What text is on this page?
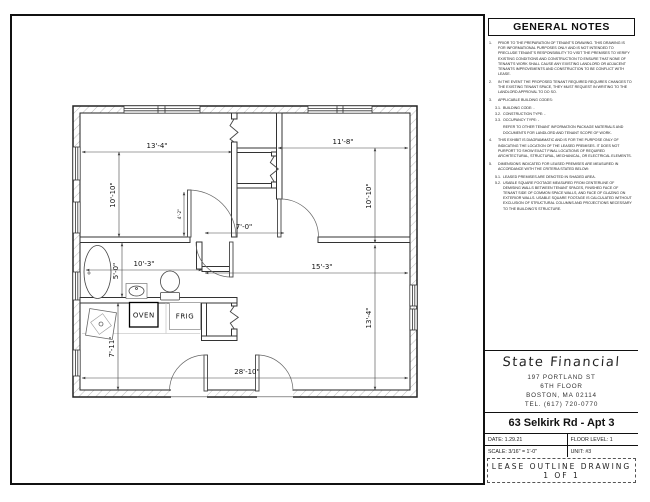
OVEN	FRIG
13'-4"	11'-8"
10'-10"	10'-10"
4'-2"
7'-0"
10'-3"
5'-0"	15'-3"
13'-4"
7'-11"
28'-10"
GENERAL NOTES
1.	PRIOR TO THE PREPARATION OF TENANT'S DRAWING. THIS DRAWING IS FOR INFORMATIONAL PURPOSES ONLY AND IS NOT INTENDED TO PRECLUDE TENANT'S RESPONSIBILITY TO VISIT THE PREMISES TO VERIFY EXISTING CONDITIONS AND CONSTRUCTION TO ENSURE THAT NONE OF TENANT'S WORK SHALL CAUSE ANY EXISTING LANDLORD OR ADJACENT TENANTS IMPROVEMENTS AND CONSTRUCTION TO BE CONFLICT WITH LEASE.
2.	IN THE EVENT THE PROPOSED TENANT REQUIRED REQUIRES CHANGES TO THE EXISTING TENANT SPACE, THEY MUST REQUEST IN WRITING TO THE LANDLORD APPROVAL TO DO SO.
3.	APPLICABLE BUILDING CODES:
3.1. BUILDING CODE: -
3.2. CONSTRUCTION TYPE: -
3.3. OCCUPANCY TYPE: -
REFER TO OTHER TENANT INFORMATION PACKAGE MATERIALS AND DOCUMENTS FOR LANDLORD AND TENANT SCOPE OF WORK.
4.	THIS EXHIBIT IS DIAGRAMMATIC AND IS FOR THE PURPOSE ONLY OF INDICATING THE LOCATION OF THE LEASED PREMISES. IT DOES NOT PURPORT TO SHOW EXACT FINAL LOCATIONS OF REQUIRED ARCHITECTURAL, STRUCTURAL, MECHANICAL, OR ELECTRICAL ELEMENTS.
5.	DIMENSIONS INDICATED FOR LEASED PREMISES ARE MEASURED IN ACCORDANCE WITH THE CRITERIA STATED BELOW:
5.1. LEASED PREMISES ARE DENOTED IN SHADED AREA.
5.2. USABLE SQUARE FOOTAGE MEASURED FROM CENTERLINE OF DEMISING WALLS BETWEEN TENANT SPACES, FINISHED FACE OF TENANT SIDE OF COMMON SPACE WALLS, AND FACE OF GLAZING ON EXTERIOR WALLS. USABLE SQUARE FOOTAGE IS CALCULATED WITHOUT EXCLUSION OF STRUCTURAL COLUMNS AND PROJECTIONS NECESSARY TO THE BUILDING'S STRUCTURE.
State Financial
197 PORTLAND ST
6TH FLOOR
BOSTON, MA 02114
TEL. (617) 720-0770
63 Selkirk Rd - Apt 3
DATE: 1.29.21	FLOOR LEVEL: 1
SCALE: 3/16" = 1'-0"	UNIT: #3
LEASE OUTLINE DRAWING 1 OF 1
